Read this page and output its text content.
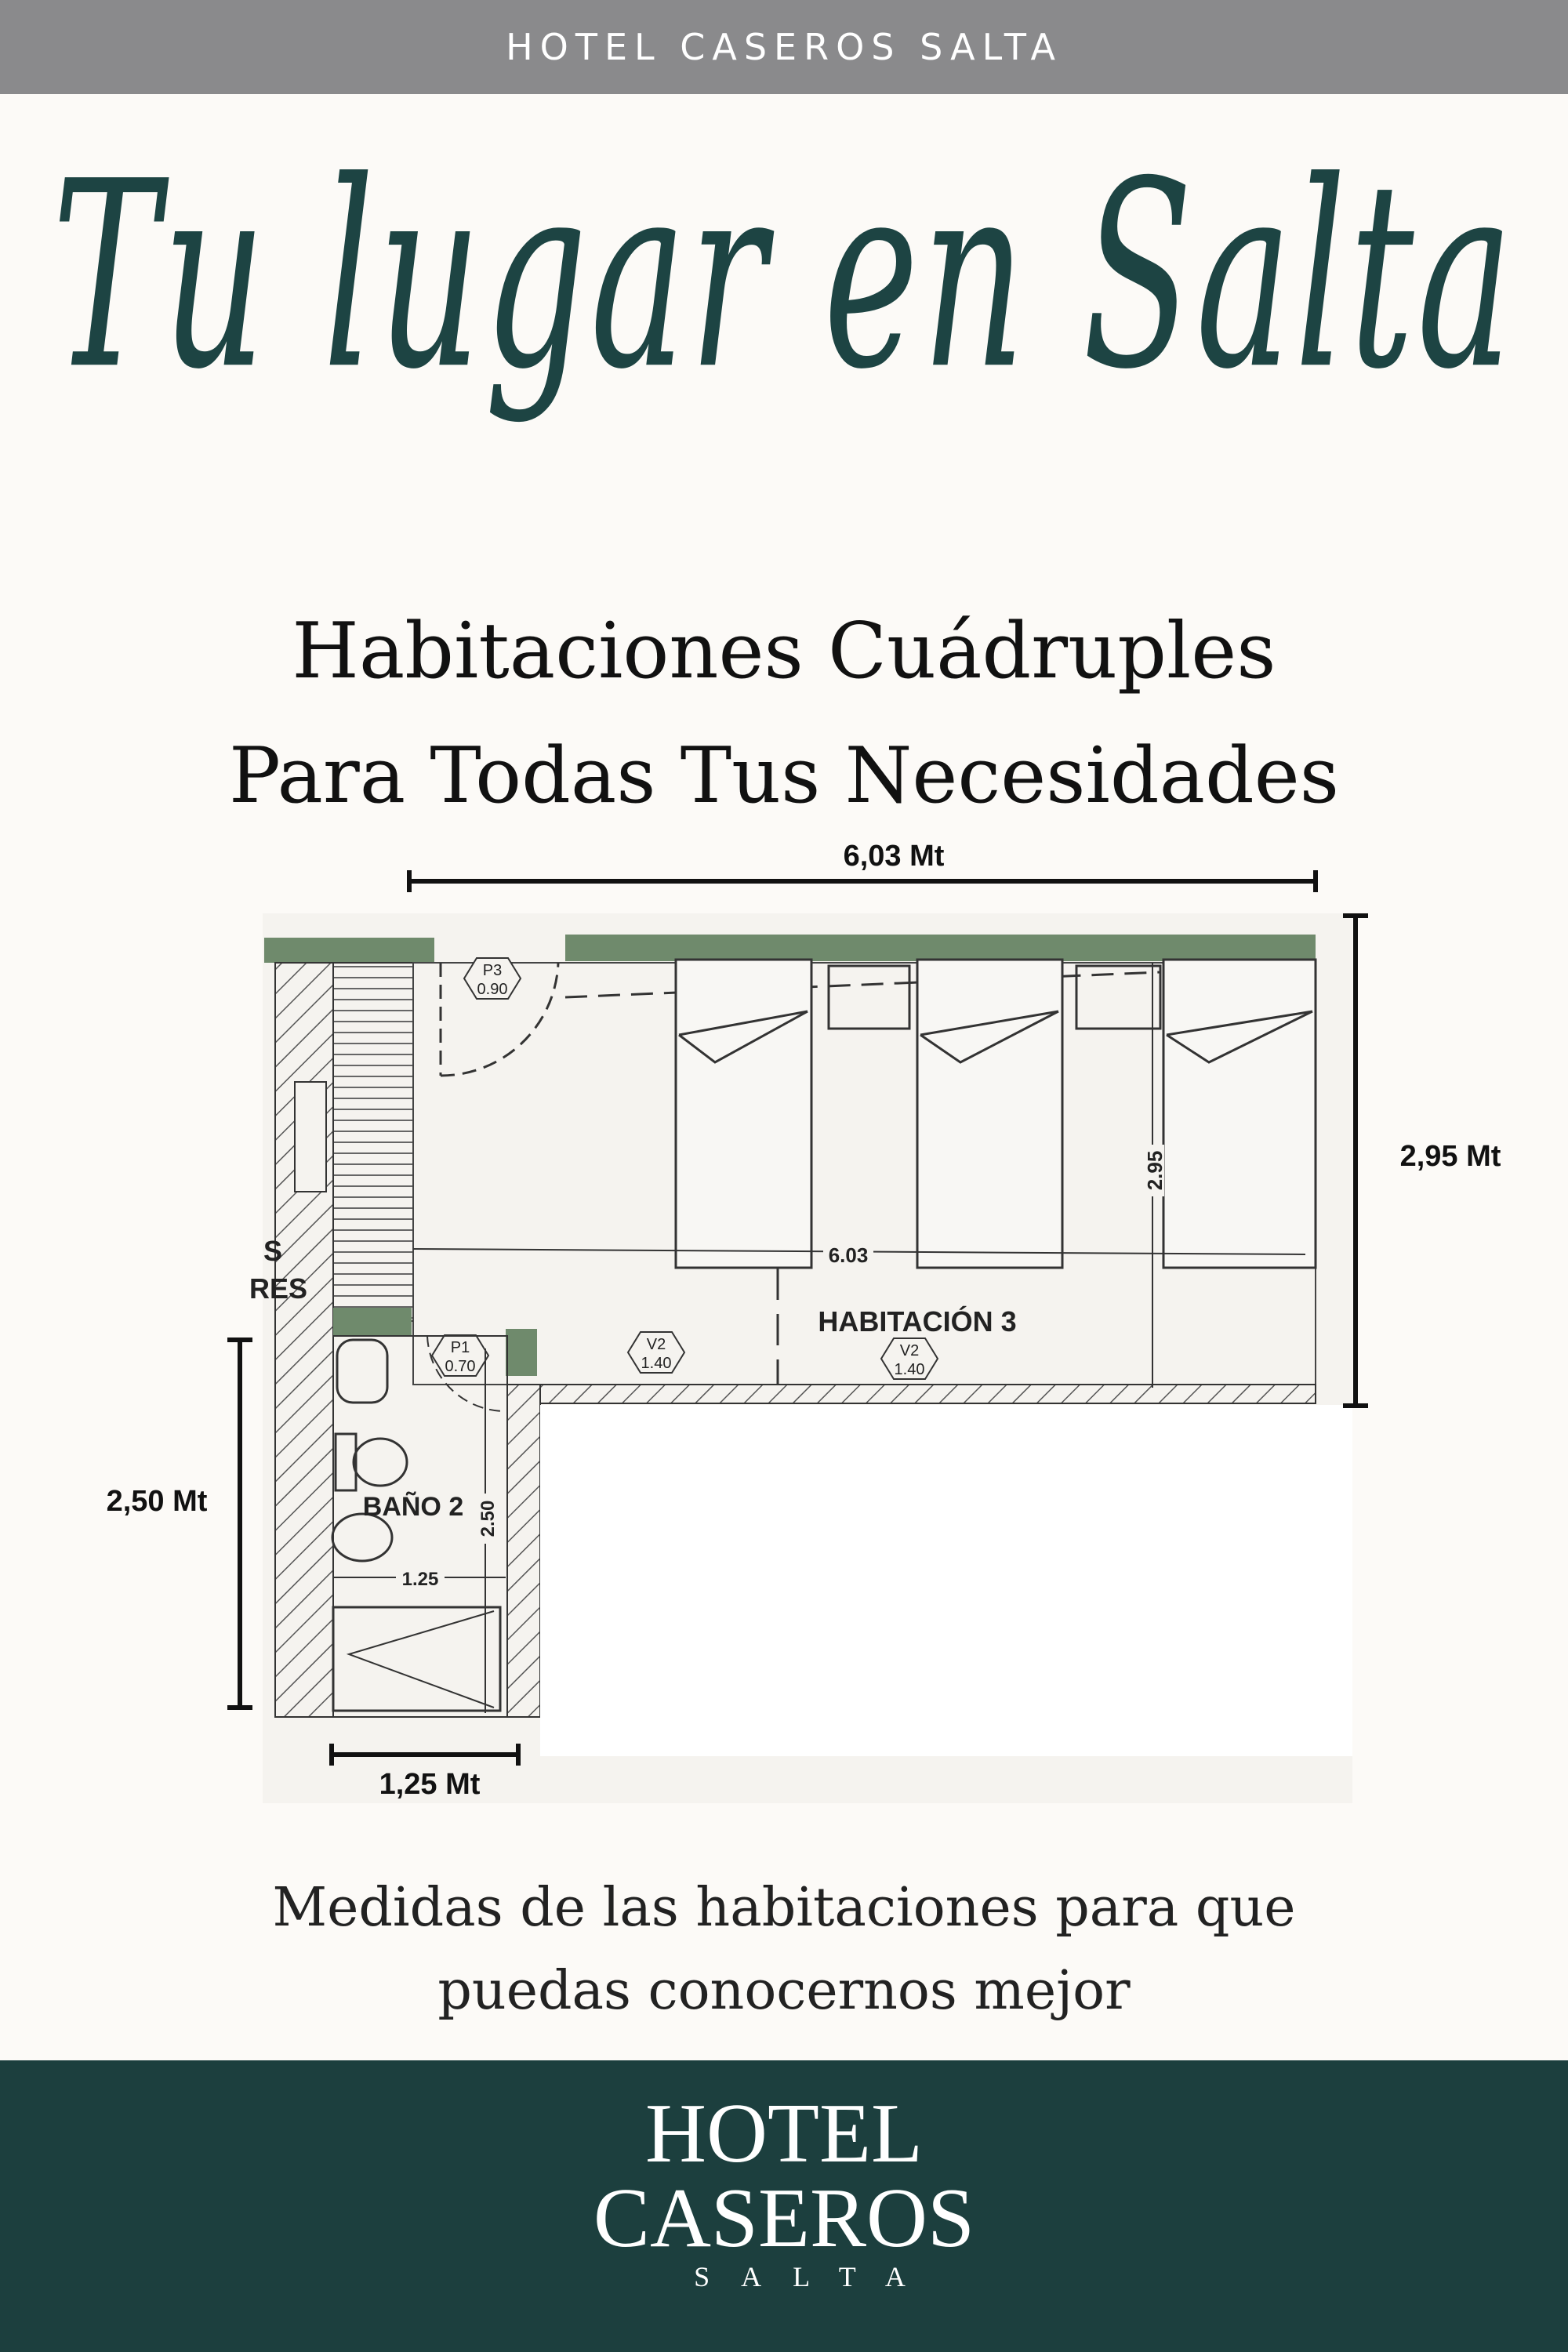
HOTEL CASEROS SALTA
Tu lugar en Salta
Habitaciones Cuádruples
Para Todas Tus Necesidades
6.03
2.95
HABITACIÓN 3
S
RES
P3
0.90
P1
0.70
V2
1.40
V2
1.40
BAÑO 2 2.50
1.25
6,03 Mt
2,95 Mt
2,50 Mt
1,25 Mt
Medidas de las habitaciones para que
puedas conocernos mejor
HOTEL
CASEROS
SALTA
